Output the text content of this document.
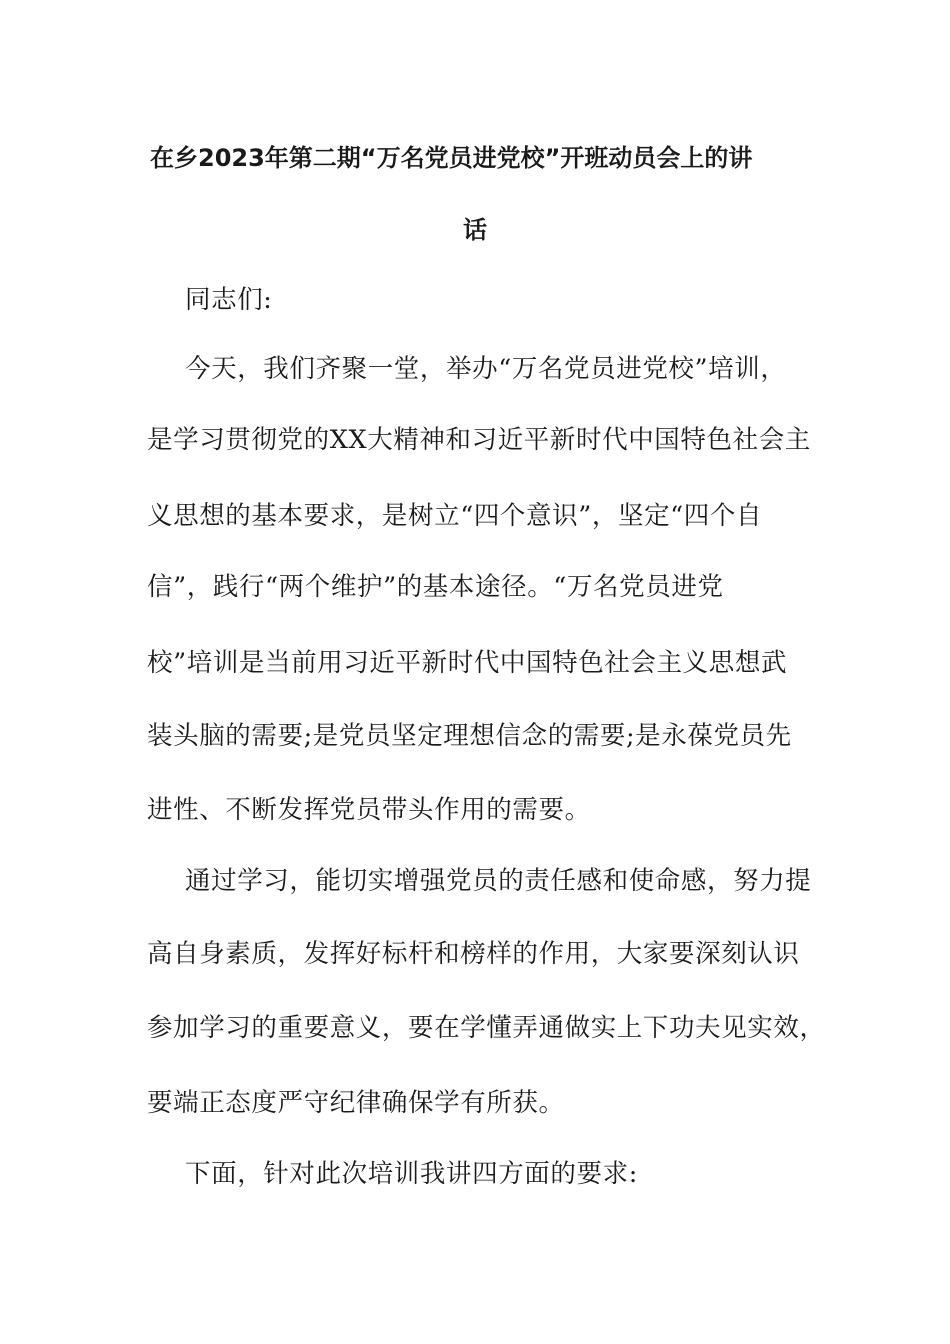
在乡2023年第二期“万名党员进党校”开班动员会上的讲
话
同志们:
今天，我们齐聚一堂，举办“万名党员进党校”培训，
是学习贯彻党的XX大精神和习近平新时代中国特色社会主
义思想的基本要求，是树立“四个意识”，坚定“四个自
信”，践行“两个维护”的基本途径。“万名党员进党
校”培训是当前用习近平新时代中国特色社会主义思想武
装头脑的需要;是党员坚定理想信念的需要;是永葆党员先
进性、不断发挥党员带头作用的需要。
通过学习，能切实增强党员的责任感和使命感，努力提
高自身素质，发挥好标杆和榜样的作用，大家要深刻认识
参加学习的重要意义，要在学懂弄通做实上下功夫见实效，
要端正态度严守纪律确保学有所获。
下面，针对此次培训我讲四方面的要求:
